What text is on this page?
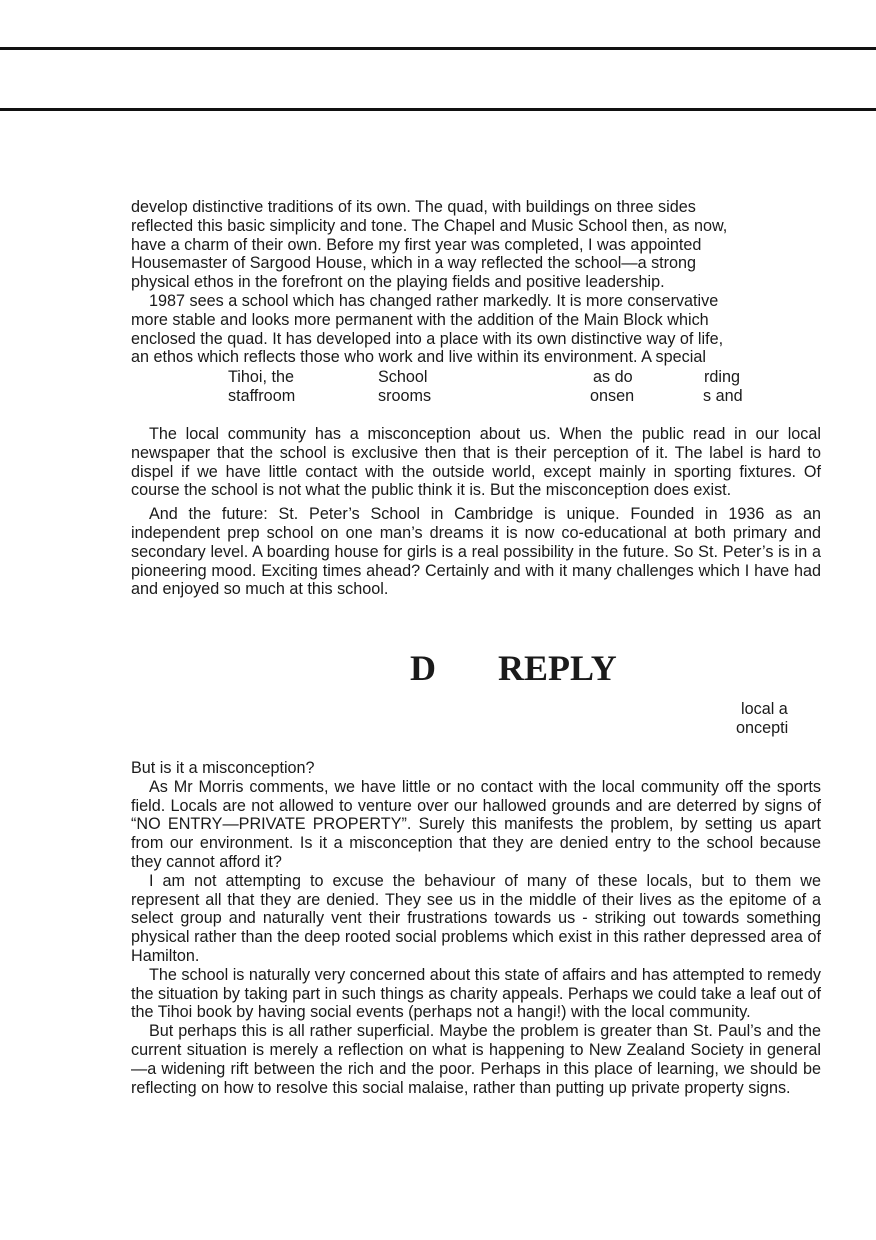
develop distinctive traditions of its own. The quad, with buildings on three sides

reflected this basic simplicity and tone. The Chapel and Music School then, as now,

have a charm of their own. Before my first year was completed, I was appointed

Housemaster of Sargood House, which in a way reflected the school—a strong

physical ethos in the forefront on the playing fields and positive leadership.

1987 sees a school which has changed rather markedly. It is more conservative

more stable and looks more permanent with the addition of the Main Block which

enclosed the quad. It has developed into a place with its own distinctive way of life,

an ethos which reflects those who work and live within its environment. A special

Tihoi, the	School	as do	rding
staffroom	srooms	onsen	s and

The local community has a misconception about us. When the public read in our local newspaper that the school is exclusive then that is their perception of it. The label is hard to dispel if we have little contact with the outside world, except mainly in sporting fixtures. Of course the school is not what the public think it is. But the misconception does exist.

And the future: St. Peter’s School in Cambridge is unique. Founded in 1936 as an independent prep school on one man’s dreams it is now co-educational at both primary and secondary level. A boarding house for girls is a real possibility in the future. So St. Peter’s is in a pioneering mood. Exciting times ahead? Certainly and with it many challenges which I have had and enjoyed so much at this school.

D REPLY
local a
oncepti

But is it a misconception?

As Mr Morris comments, we have little or no contact with the local community off the sports field. Locals are not allowed to venture over our hallowed grounds and are deterred by signs of “NO ENTRY—PRIVATE PROPERTY”. Surely this manifests the problem, by setting us apart from our environment. Is it a misconception that they are denied entry to the school because they cannot afford it?

I am not attempting to excuse the behaviour of many of these locals, but to them we represent all that they are denied. They see us in the middle of their lives as the epitome of a select group and naturally vent their frustrations towards us - striking out towards something physical rather than the deep rooted social problems which exist in this rather depressed area of Hamilton.

The school is naturally very concerned about this state of affairs and has attempted to remedy the situation by taking part in such things as charity appeals. Perhaps we could take a leaf out of the Tihoi book by having social events (perhaps not a hangi!) with the local community.

But perhaps this is all rather superficial. Maybe the problem is greater than St. Paul’s and the current situation is merely a reflection on what is happening to New Zealand Society in general—a widening rift between the rich and the poor. Perhaps in this place of learning, we should be reflecting on how to resolve this social malaise, rather than putting up private property signs.
